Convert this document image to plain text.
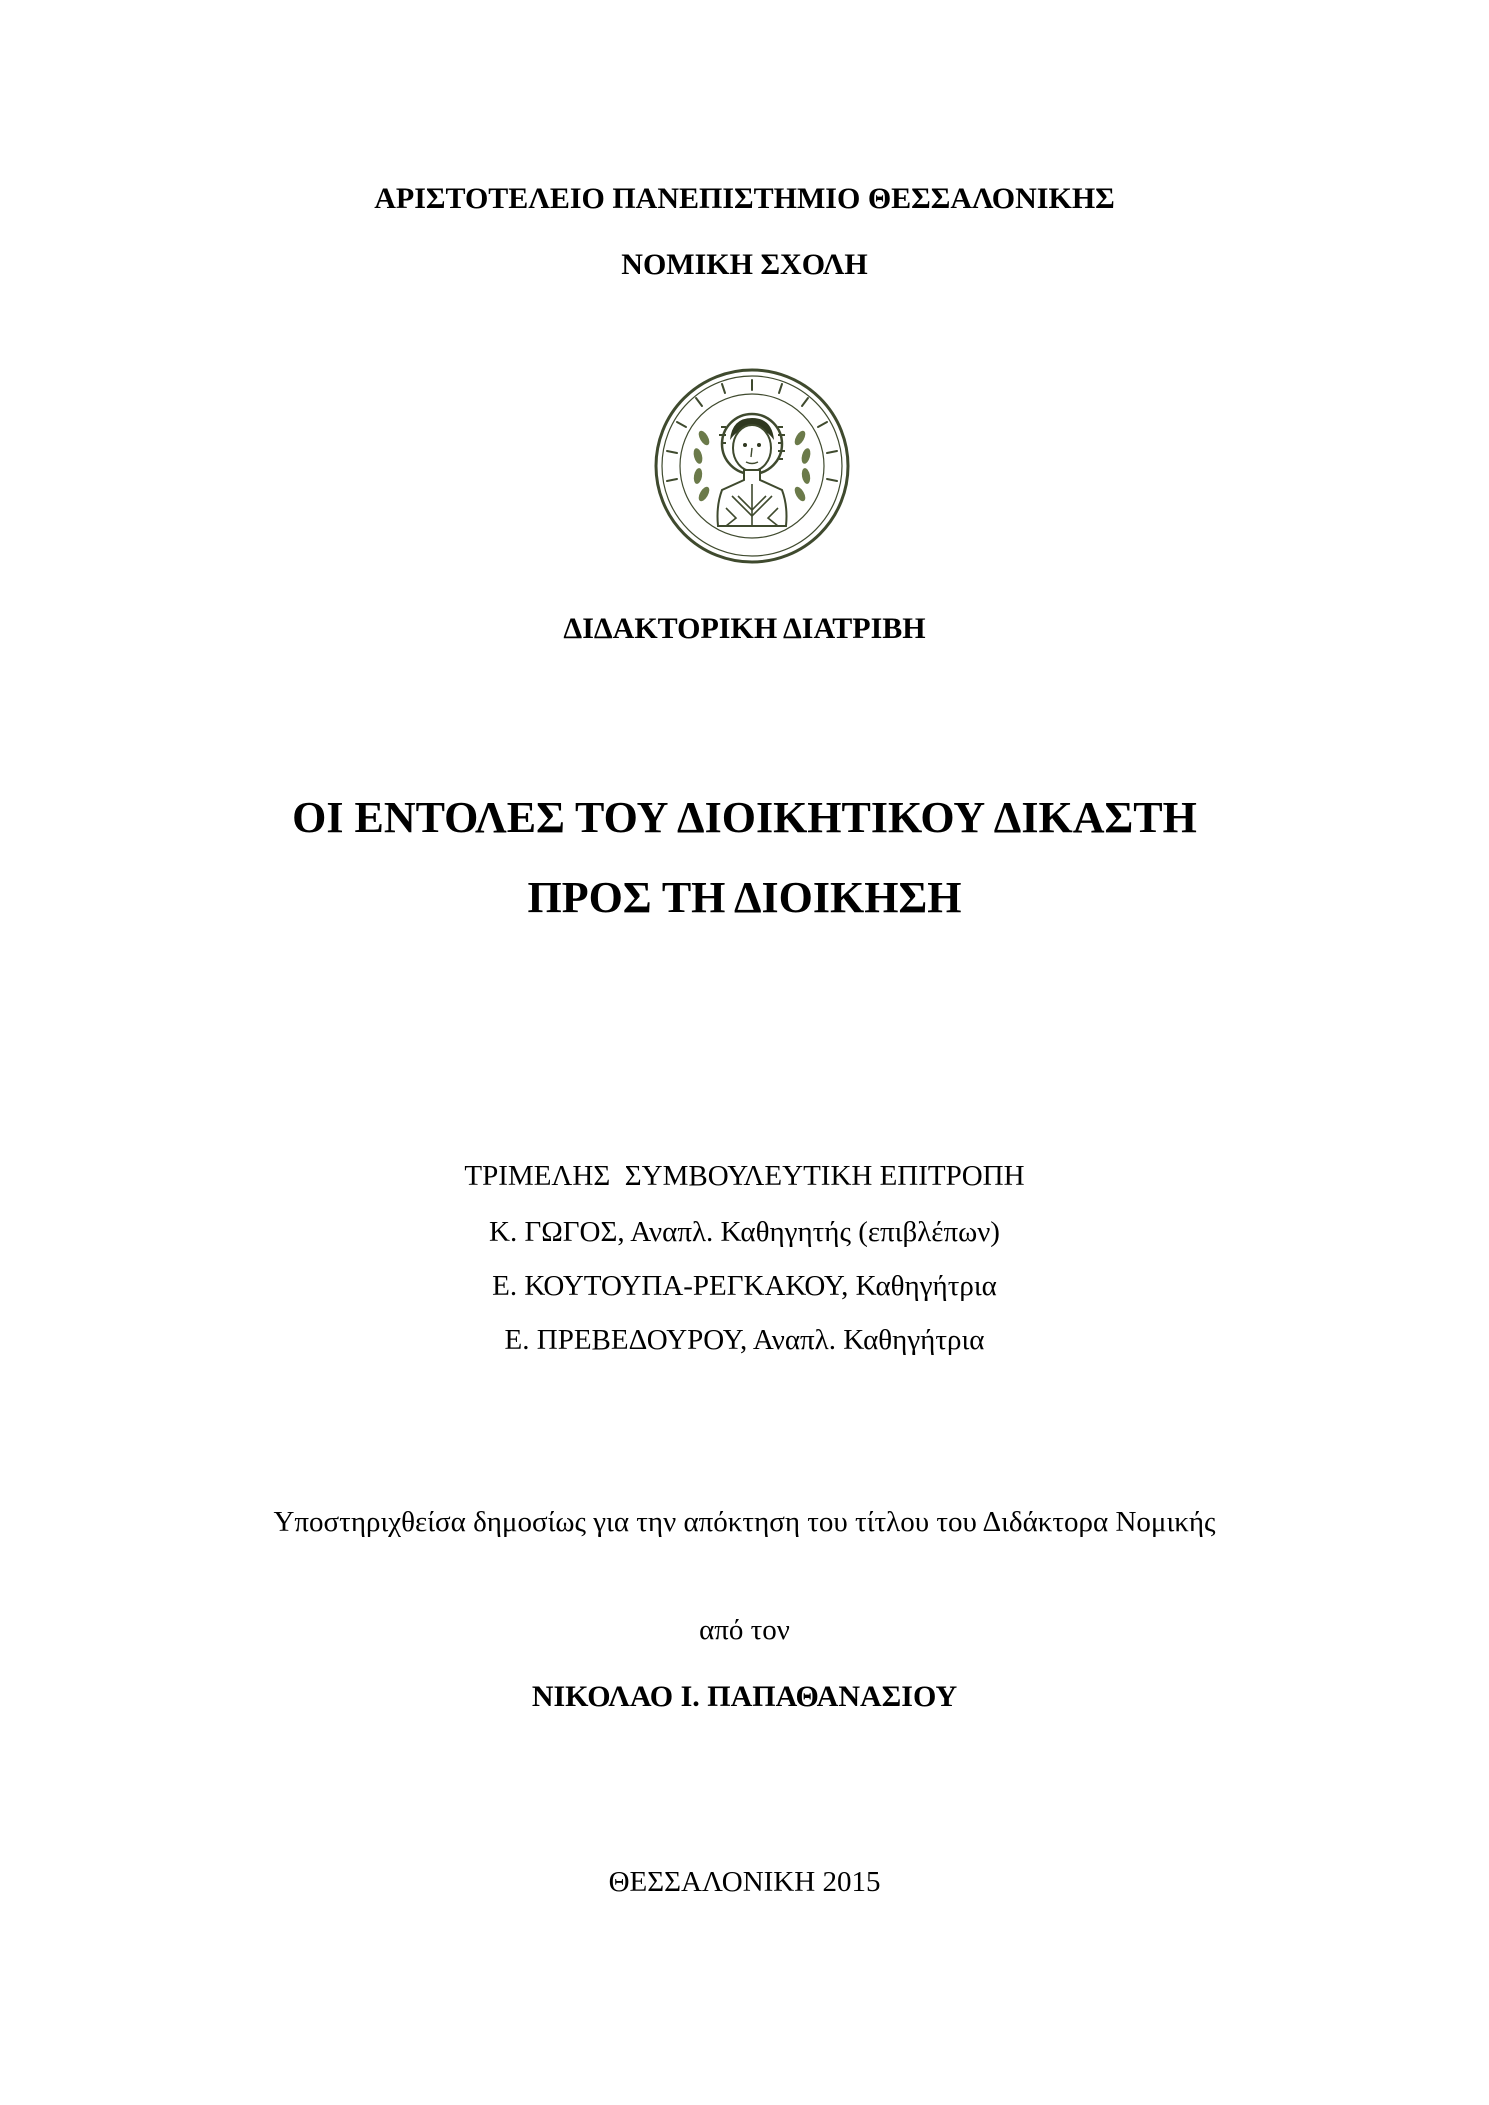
ΑΡΙΣΤΟΤΕΛΕΙΟ ΠΑΝΕΠΙΣΤΗΜΙΟ ΘΕΣΣΑΛΟΝΙΚΗΣ
ΝΟΜΙΚΗ ΣΧΟΛΗ
ΔΙΔΑΚΤΟΡΙΚΗ ΔΙΑΤΡΙΒΗ
ΟΙ ΕΝΤΟΛΕΣ ΤΟΥ ΔΙΟΙΚΗΤΙΚΟΥ ΔΙΚΑΣΤΗ
ΠΡΟΣ ΤΗ ΔΙΟΙΚΗΣΗ
ΤΡΙΜΕΛΗΣ  ΣΥΜΒΟΥΛΕΥΤΙΚΗ ΕΠΙΤΡΟΠΗ
Κ. ΓΩΓΟΣ, Αναπλ. Καθηγητής (επιβλέπων)
Ε. ΚΟΥΤΟΥΠΑ-ΡΕΓΚΑΚΟΥ, Καθηγήτρια
Ε. ΠΡΕΒΕΔΟΥΡΟΥ, Αναπλ. Καθηγήτρια
Υποστηριχθείσα δημοσίως για την απόκτηση του τίτλου του Διδάκτορα Νομικής
από τον
ΝΙΚΟΛΑΟ Ι. ΠΑΠΑΘΑΝΑΣΙΟΥ
ΘΕΣΣΑΛΟΝΙΚΗ 2015
